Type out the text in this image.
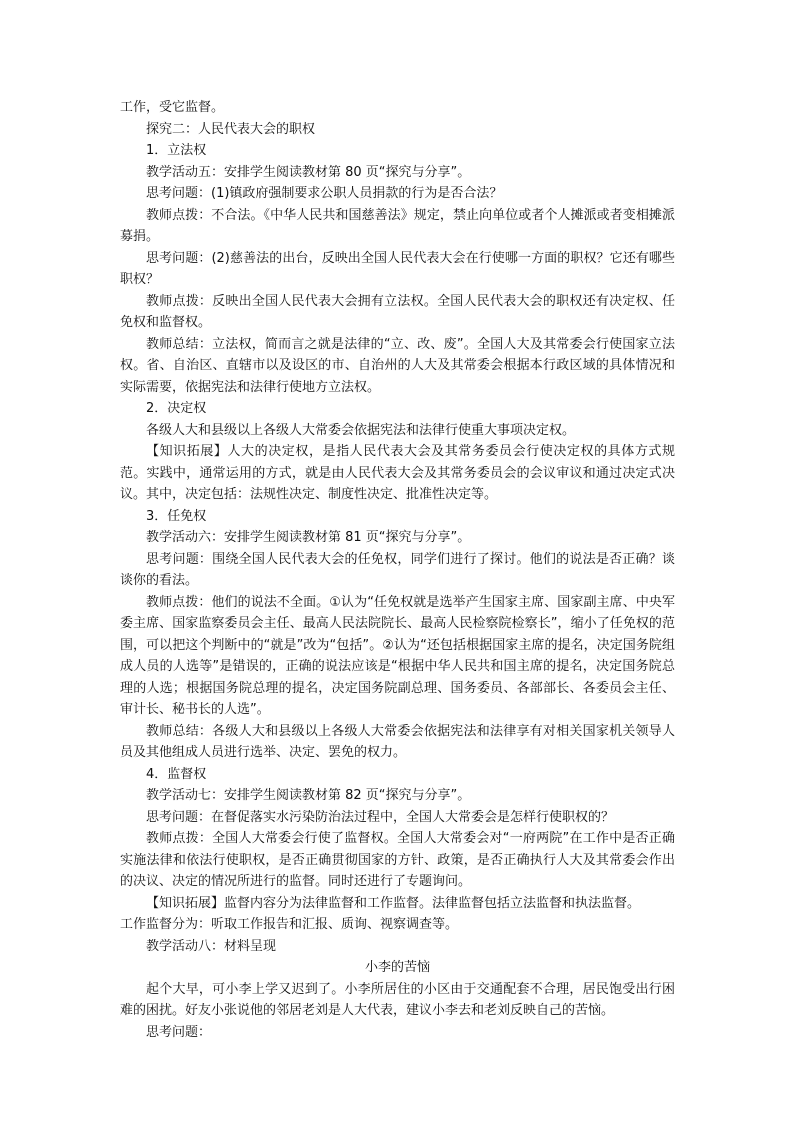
工作，受它监督。

探究二：人民代表大会的职权

1．立法权

教学活动五：安排学生阅读教材第 80 页“探究与分享”。

思考问题：(1)镇政府强制要求公职人员捐款的行为是否合法？

教师点拨：不合法。《中华人民共和国慈善法》规定，禁止向单位或者个人摊派或者变相摊派募捐。

思考问题：(2)慈善法的出台，反映出全国人民代表大会在行使哪一方面的职权？它还有哪些职权？

教师点拨：反映出全国人民代表大会拥有立法权。全国人民代表大会的职权还有决定权、任免权和监督权。

教师总结：立法权，简而言之就是法律的“立、改、废”。全国人大及其常委会行使国家立法权。省、自治区、直辖市以及设区的市、自治州的人大及其常委会根据本行政区域的具体情况和实际需要，依据宪法和法律行使地方立法权。

2．决定权

各级人大和县级以上各级人大常委会依据宪法和法律行使重大事项决定权。

【知识拓展】人大的决定权，是指人民代表大会及其常务委员会行使决定权的具体方式规范。实践中，通常运用的方式，就是由人民代表大会及其常务委员会的会议审议和通过决定式决议。其中，决定包括：法规性决定、制度性决定、批准性决定等。

3．任免权

教学活动六：安排学生阅读教材第 81 页“探究与分享”。

思考问题：围绕全国人民代表大会的任免权，同学们进行了探讨。他们的说法是否正确？谈谈你的看法。

教师点拨：他们的说法不全面。①认为“任免权就是选举产生国家主席、国家副主席、中央军委主席、国家监察委员会主任、最高人民法院院长、最高人民检察院检察长”，缩小了任免权的范围，可以把这个判断中的“就是”改为“包括”。②认为“还包括根据国家主席的提名，决定国务院组成人员的人选等”是错误的，正确的说法应该是“根据中华人民共和国主席的提名，决定国务院总理的人选；根据国务院总理的提名，决定国务院副总理、国务委员、各部部长、各委员会主任、审计长、秘书长的人选”。

教师总结：各级人大和县级以上各级人大常委会依据宪法和法律享有对相关国家机关领导人员及其他组成人员进行选举、决定、罢免的权力。

4．监督权

教学活动七：安排学生阅读教材第 82 页“探究与分享”。

思考问题：在督促落实水污染防治法过程中，全国人大常委会是怎样行使职权的？

教师点拨：全国人大常委会行使了监督权。全国人大常委会对“一府两院”在工作中是否正确实施法律和依法行使职权，是否正确贯彻国家的方针、政策，是否正确执行人大及其常委会作出的决议、决定的情况所进行的监督。同时还进行了专题询问。

【知识拓展】监督内容分为法律监督和工作监督。法律监督包括立法监督和执法监督。

工作监督分为：听取工作报告和汇报、质询、视察调查等。

教学活动八：材料呈现

小李的苦恼

起个大早，可小李上学又迟到了。小李所居住的小区由于交通配套不合理，居民饱受出行困难的困扰。好友小张说他的邻居老刘是人大代表，建议小李去和老刘反映自己的苦恼。

思考问题：
